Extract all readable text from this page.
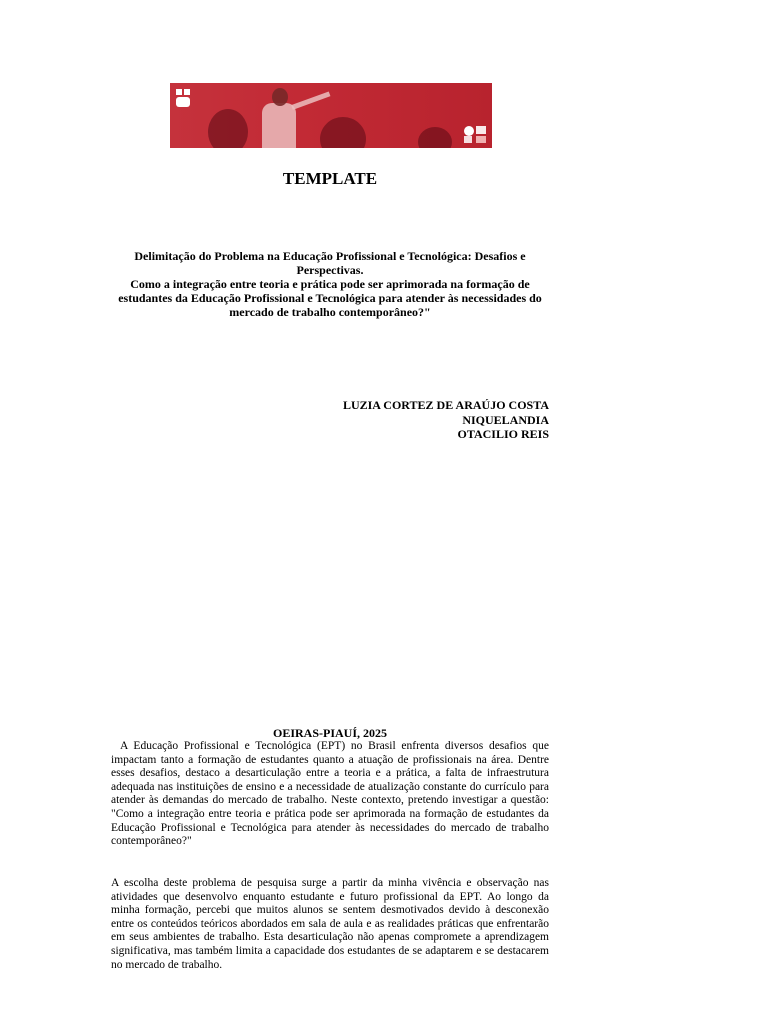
TEMPLATE
Delimitação do Problema na Educação Profissional e Tecnológica: Desafios e Perspectivas.
Como a integração entre teoria e prática pode ser aprimorada na formação de estudantes da Educação Profissional e Tecnológica para atender às necessidades do mercado de trabalho contemporâneo?"
LUZIA CORTEZ DE ARAÚJO COSTA
NIQUELANDIA
OTACILIO REIS
OEIRAS-PIAUÍ, 2025
A Educação Profissional e Tecnológica (EPT) no Brasil enfrenta diversos desafios que impactam tanto a formação de estudantes quanto a atuação de profissionais na área. Dentre esses desafios, destaco a desarticulação entre a teoria e a prática, a falta de infraestrutura adequada nas instituições de ensino e a necessidade de atualização constante do currículo para atender às demandas do mercado de trabalho. Neste contexto, pretendo investigar a questão: "Como a integração entre teoria e prática pode ser aprimorada na formação de estudantes da Educação Profissional e Tecnológica para atender às necessidades do mercado de trabalho contemporâneo?"
A escolha deste problema de pesquisa surge a partir da minha vivência e observação nas atividades que desenvolvo enquanto estudante e futuro profissional da EPT. Ao longo da minha formação, percebi que muitos alunos se sentem desmotivados devido à desconexão entre os conteúdos teóricos abordados em sala de aula e as realidades práticas que enfrentarão em seus ambientes de trabalho. Esta desarticulação não apenas compromete a aprendizagem significativa, mas também limita a capacidade dos estudantes de se adaptarem e se destacarem no mercado de trabalho.
